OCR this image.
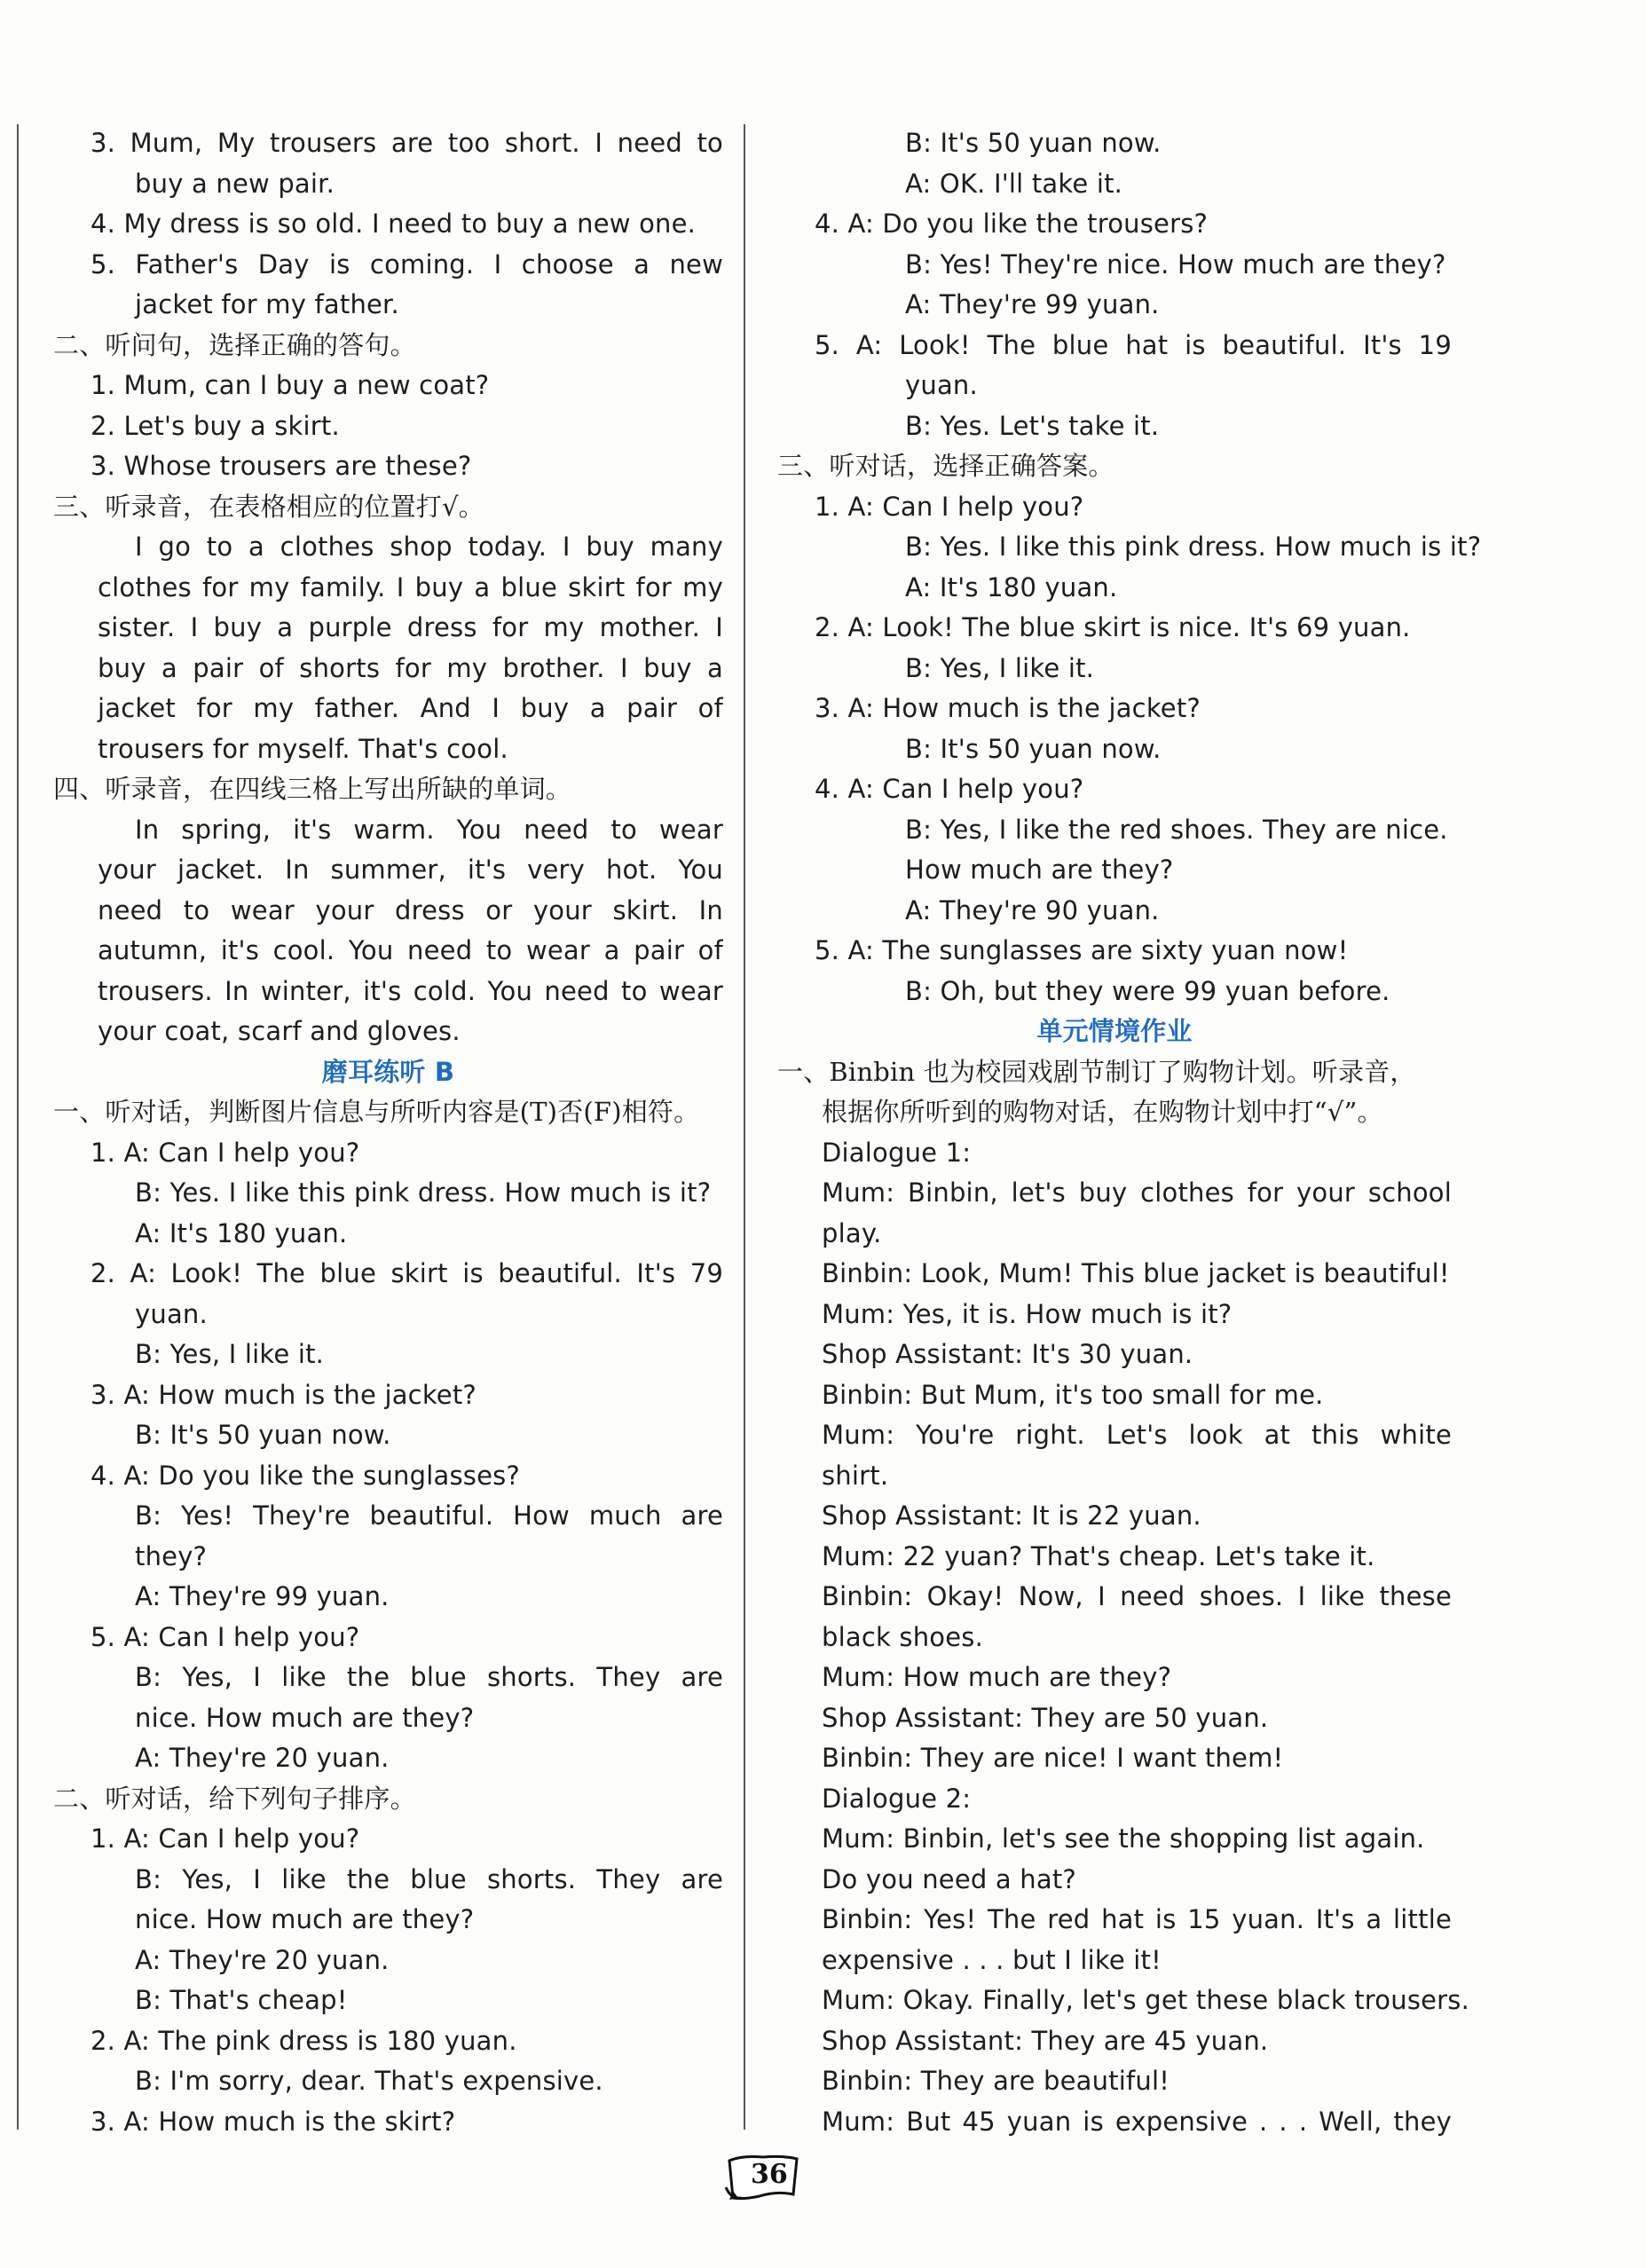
3. Mum, My trousers are too short. I need to
buy a new pair.
4. My dress is so old. I need to buy a new one.
5. Father's Day is coming. I choose a new
jacket for my father.
二、听问句，选择正确的答句。
1. Mum, can I buy a new coat?
2. Let's buy a skirt.
3. Whose trousers are these?
三、听录音，在表格相应的位置打√。
I go to a clothes shop today. I buy many
clothes for my family. I buy a blue skirt for my
sister. I buy a purple dress for my mother. I
buy a pair of shorts for my brother. I buy a
jacket for my father. And I buy a pair of
trousers for myself. That's cool.
四、听录音，在四线三格上写出所缺的单词。
In spring, it's warm. You need to wear
your jacket. In summer, it's very hot. You
need to wear your dress or your skirt. In
autumn, it's cool. You need to wear a pair of
trousers. In winter, it's cold. You need to wear
your coat, scarf and gloves.
磨耳练听 B
一、听对话，判断图片信息与所听内容是(T)否(F)相符。
1. A: Can I help you?
B: Yes. I like this pink dress. How much is it?
A: It's 180 yuan.
2. A: Look! The blue skirt is beautiful. It's 79
yuan.
B: Yes, I like it.
3. A: How much is the jacket?
B: It's 50 yuan now.
4. A: Do you like the sunglasses?
B: Yes! They're beautiful. How much are
they?
A: They're 99 yuan.
5. A: Can I help you?
B: Yes, I like the blue shorts. They are
nice. How much are they?
A: They're 20 yuan.
二、听对话，给下列句子排序。
1. A: Can I help you?
B: Yes, I like the blue shorts. They are
nice. How much are they?
A: They're 20 yuan.
B: That's cheap!
2. A: The pink dress is 180 yuan.
B: I'm sorry, dear. That's expensive.
3. A: How much is the skirt?
B: It's 50 yuan now.
A: OK. I'll take it.
4. A: Do you like the trousers?
B: Yes! They're nice. How much are they?
A: They're 99 yuan.
5. A: Look! The blue hat is beautiful. It's 19
yuan.
B: Yes. Let's take it.
三、听对话，选择正确答案。
1. A: Can I help you?
B: Yes. I like this pink dress. How much is it?
A: It's 180 yuan.
2. A: Look! The blue skirt is nice. It's 69 yuan.
B: Yes, I like it.
3. A: How much is the jacket?
B: It's 50 yuan now.
4. A: Can I help you?
B: Yes, I like the red shoes. They are nice.
How much are they?
A: They're 90 yuan.
5. A: The sunglasses are sixty yuan now!
B: Oh, but they were 99 yuan before.
单元情境作业
一、Binbin 也为校园戏剧节制订了购物计划。听录音，
根据你所听到的购物对话，在购物计划中打“√”。
Dialogue 1:
Mum: Binbin, let's buy clothes for your school
play.
Binbin: Look, Mum! This blue jacket is beautiful!
Mum: Yes, it is. How much is it?
Shop Assistant: It's 30 yuan.
Binbin: But Mum, it's too small for me.
Mum: You're right. Let's look at this white
shirt.
Shop Assistant: It is 22 yuan.
Mum: 22 yuan? That's cheap. Let's take it.
Binbin: Okay! Now, I need shoes. I like these
black shoes.
Mum: How much are they?
Shop Assistant: They are 50 yuan.
Binbin: They are nice! I want them!
Dialogue 2:
Mum: Binbin, let's see the shopping list again.
Do you need a hat?
Binbin: Yes! The red hat is 15 yuan. It's a little
expensive . . . but I like it!
Mum: Okay. Finally, let's get these black trousers.
Shop Assistant: They are 45 yuan.
Binbin: They are beautiful!
Mum: But 45 yuan is expensive . . . Well, they
36
